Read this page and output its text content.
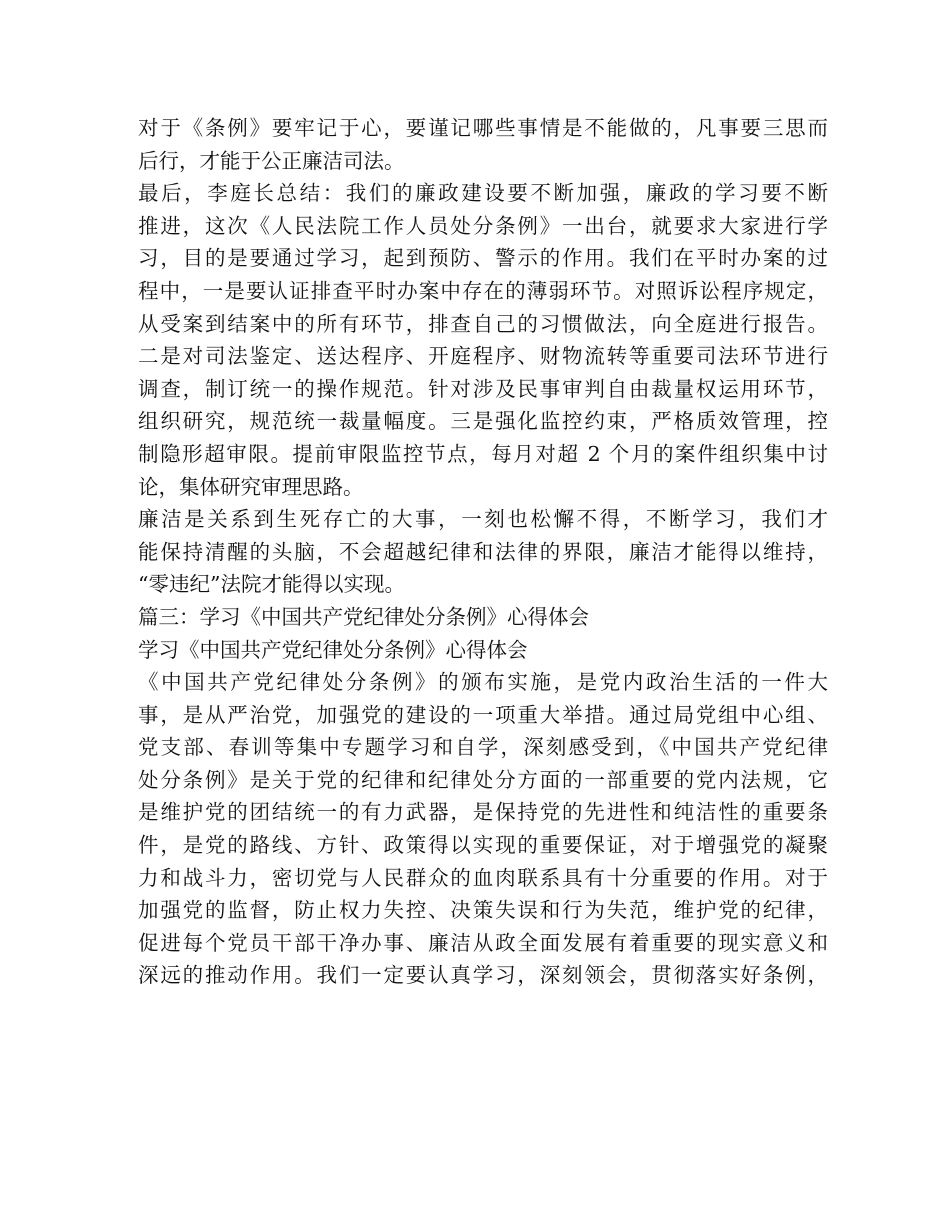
对于《条例》要牢记于心，要谨记哪些事情是不能做的，凡事要三思而
后行，才能于公正廉洁司法。
最后，李庭长总结：我们的廉政建设要不断加强，廉政的学习要不断
推进，这次《人民法院工作人员处分条例》一出台，就要求大家进行学
习，目的是要通过学习，起到预防、警示的作用。我们在平时办案的过
程中，一是要认证排查平时办案中存在的薄弱环节。对照诉讼程序规定，
从受案到结案中的所有环节，排查自己的习惯做法，向全庭进行报告。
二是对司法鉴定、送达程序、开庭程序、财物流转等重要司法环节进行
调查，制订统一的操作规范。针对涉及民事审判自由裁量权运用环节，
组织研究，规范统一裁量幅度。三是强化监控约束，严格质效管理，控
制隐形超审限。提前审限监控节点，每月对超 2 个月的案件组织集中讨
论，集体研究审理思路。
廉洁是关系到生死存亡的大事，一刻也松懈不得，不断学习，我们才
能保持清醒的头脑，不会超越纪律和法律的界限，廉洁才能得以维持，
“零违纪”法院才能得以实现。
篇三：学习《中国共产党纪律处分条例》心得体会
学习《中国共产党纪律处分条例》心得体会
《中国共产党纪律处分条例》的颁布实施，是党内政治生活的一件大
事，是从严治党，加强党的建设的一项重大举措。通过局党组中心组、
党支部、春训等集中专题学习和自学，深刻感受到，《中国共产党纪律
处分条例》是关于党的纪律和纪律处分方面的一部重要的党内法规，它
是维护党的团结统一的有力武器，是保持党的先进性和纯洁性的重要条
件，是党的路线、方针、政策得以实现的重要保证，对于增强党的凝聚
力和战斗力，密切党与人民群众的血肉联系具有十分重要的作用。对于
加强党的监督，防止权力失控、决策失误和行为失范，维护党的纪律，
促进每个党员干部干净办事、廉洁从政全面发展有着重要的现实意义和
深远的推动作用。我们一定要认真学习，深刻领会，贯彻落实好条例，
